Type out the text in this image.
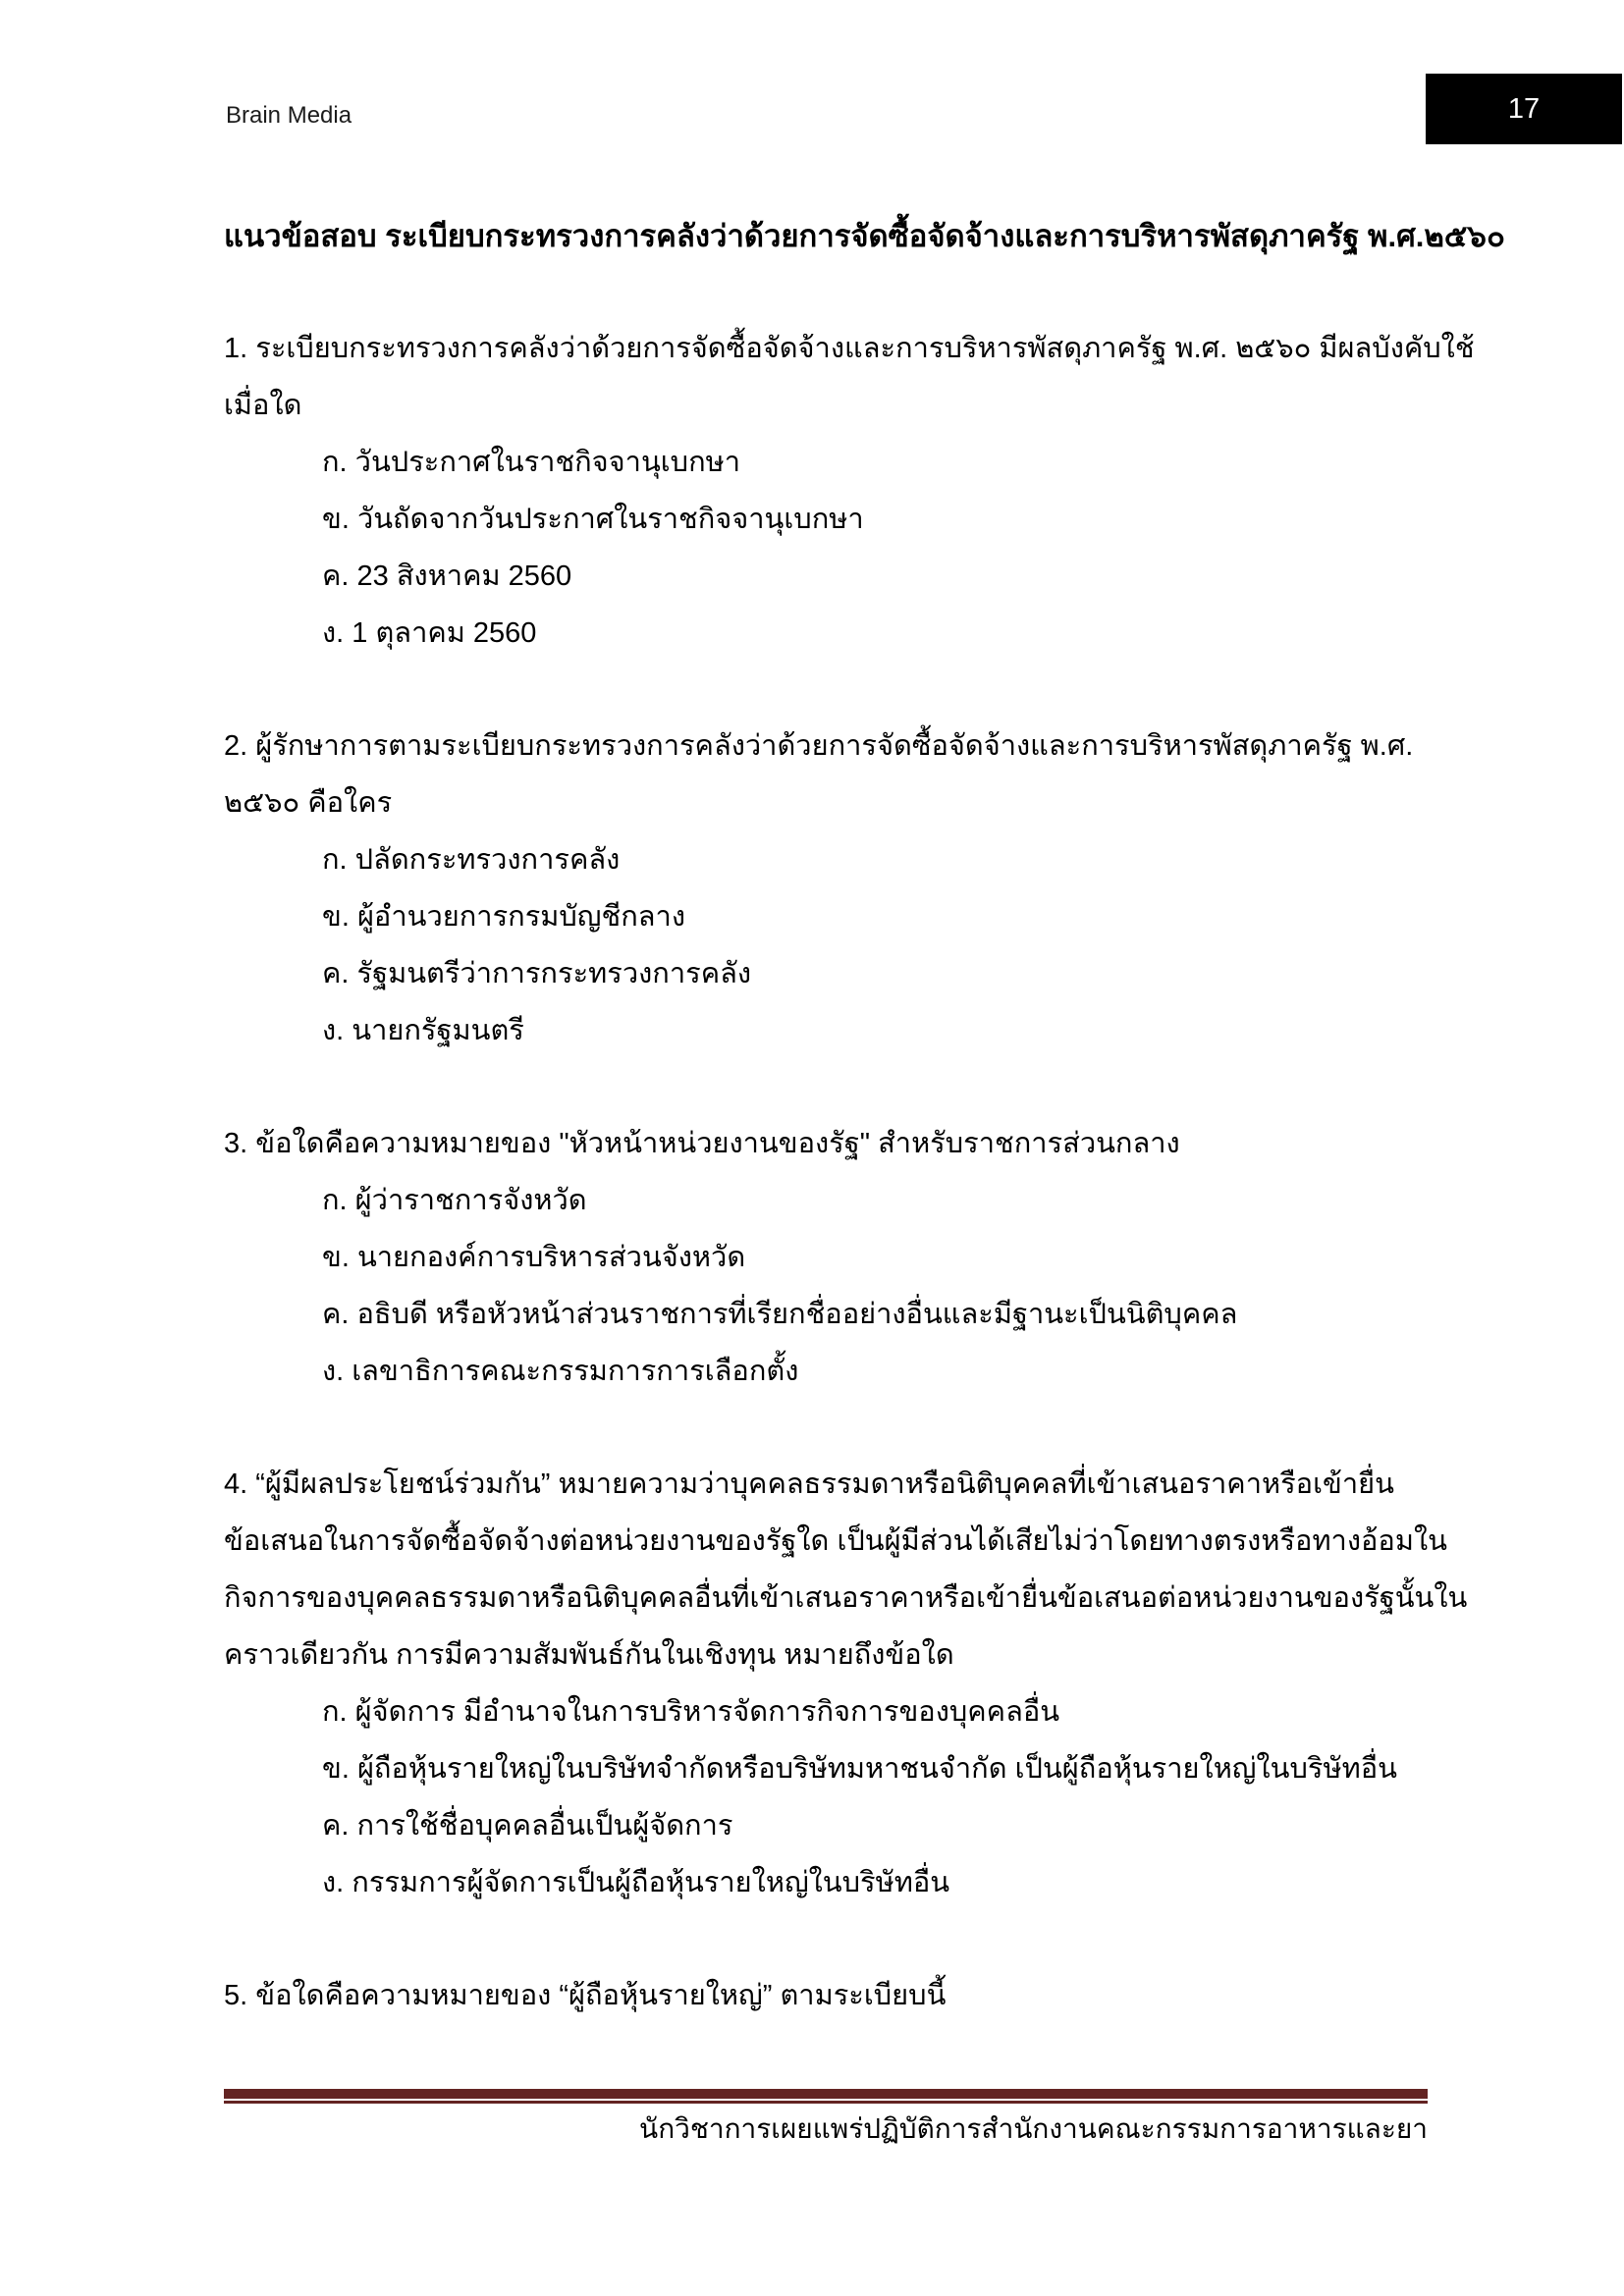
Brain Media	17
แนวข้อสอบ ระเบียบกระทรวงการคลังว่าด้วยการจัดซื้อจัดจ้างและการบริหารพัสดุภาครัฐ พ.ศ.๒๕๖๐
1. ระเบียบกระทรวงการคลังว่าด้วยการจัดซื้อจัดจ้างและการบริหารพัสดุภาครัฐ พ.ศ. ๒๕๖๐ มีผลบังคับใช้
เมื่อใด
ก. วันประกาศในราชกิจจานุเบกษา
ข. วันถัดจากวันประกาศในราชกิจจานุเบกษา
ค. 23 สิงหาคม 2560
ง. 1 ตุลาคม 2560
2. ผู้รักษาการตามระเบียบกระทรวงการคลังว่าด้วยการจัดซื้อจัดจ้างและการบริหารพัสดุภาครัฐ พ.ศ.
๒๕๖๐ คือใคร
ก. ปลัดกระทรวงการคลัง
ข. ผู้อำนวยการกรมบัญชีกลาง
ค. รัฐมนตรีว่าการกระทรวงการคลัง
ง. นายกรัฐมนตรี
3. ข้อใดคือความหมายของ "หัวหน้าหน่วยงานของรัฐ" สำหรับราชการส่วนกลาง
ก. ผู้ว่าราชการจังหวัด
ข. นายกองค์การบริหารส่วนจังหวัด
ค. อธิบดี หรือหัวหน้าส่วนราชการที่เรียกชื่ออย่างอื่นและมีฐานะเป็นนิติบุคคล
ง. เลขาธิการคณะกรรมการการเลือกตั้ง
4. “ผู้มีผลประโยชน์ร่วมกัน” หมายความว่าบุคคลธรรมดาหรือนิติบุคคลที่เข้าเสนอราคาหรือเข้ายื่น
ข้อเสนอในการจัดซื้อจัดจ้างต่อหน่วยงานของรัฐใด เป็นผู้มีส่วนได้เสียไม่ว่าโดยทางตรงหรือทางอ้อมใน
กิจการของบุคคลธรรมดาหรือนิติบุคคลอื่นที่เข้าเสนอราคาหรือเข้ายื่นข้อเสนอต่อหน่วยงานของรัฐนั้นใน
คราวเดียวกัน การมีความสัมพันธ์กันในเชิงทุน หมายถึงข้อใด
ก. ผู้จัดการ มีอำนาจในการบริหารจัดการกิจการของบุคคลอื่น
ข. ผู้ถือหุ้นรายใหญ่ในบริษัทจำกัดหรือบริษัทมหาชนจำกัด เป็นผู้ถือหุ้นรายใหญ่ในบริษัทอื่น
ค. การใช้ชื่อบุคคลอื่นเป็นผู้จัดการ
ง. กรรมการผู้จัดการเป็นผู้ถือหุ้นรายใหญ่ในบริษัทอื่น
5. ข้อใดคือความหมายของ “ผู้ถือหุ้นรายใหญ่” ตามระเบียบนี้
นักวิชาการเผยแพร่ปฏิบัติการสำนักงานคณะกรรมการอาหารและยา
